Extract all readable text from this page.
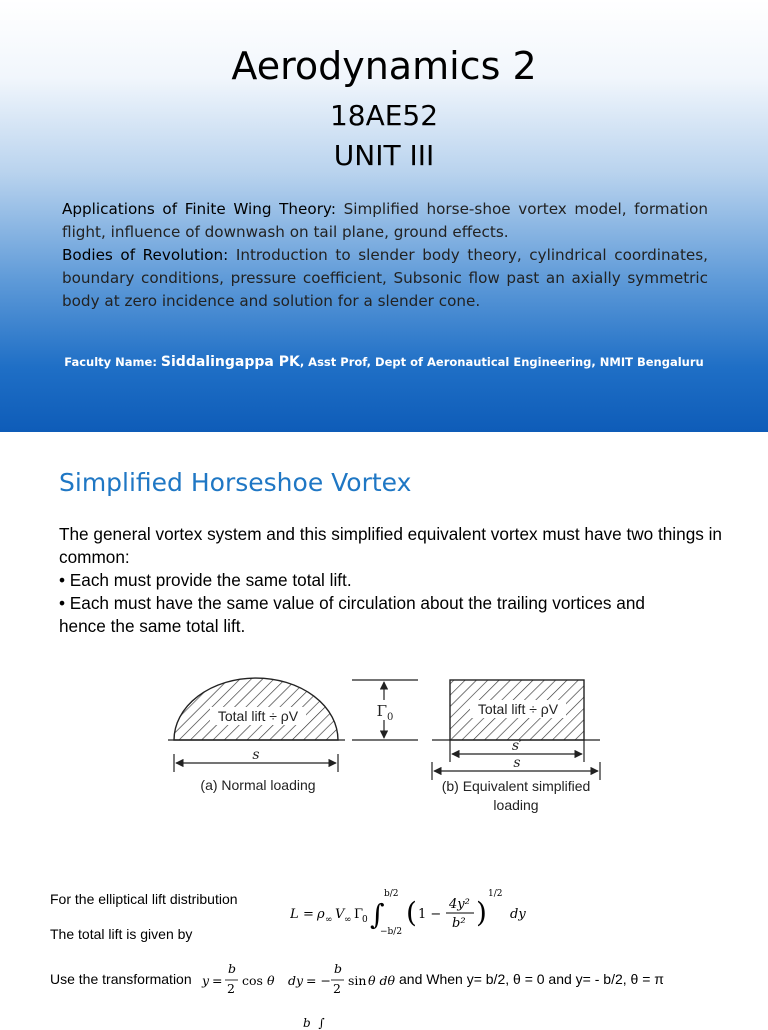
Aerodynamics 2
18AE52
UNIT III

Applications of Finite Wing Theory: Simplified horse-shoe vortex model, formation flight, influence of downwash on tail plane, ground effects.

Bodies of Revolution: Introduction to slender body theory, cylindrical coordinates, boundary conditions, pressure coefficient, Subsonic flow past an axially symmetric body at zero incidence and solution for a slender cone.

Faculty Name: Siddalingappa PK, Asst Prof, Dept of Aeronautical Engineering, NMIT Bengaluru
Simplified Horseshoe Vortex

The general vortex system and this simplified equivalent vortex must have two things in common:

• Each must provide the same total lift.

• Each must have the same value of circulation about the trailing vortices and

hence the same total lift.

Total lift ÷ ρV
s
$\Gamma_0$
Total lift ÷ ρV
s′
s
(a) Normal loading	(b) Equivalent simplified loading
For the elliptical lift distribution
The total lift is given by
L = ρ ∞ V ∞ Γ
0 ∫
b/2
−b/2
( 1 −
4y²
b² )
1/2
dy
Use the transformation y =
b
2
cos θ dy = −
b
2
sin θ dθ and When y= b/2, θ = 0 and y= - b/2, θ = π
b  ∫
